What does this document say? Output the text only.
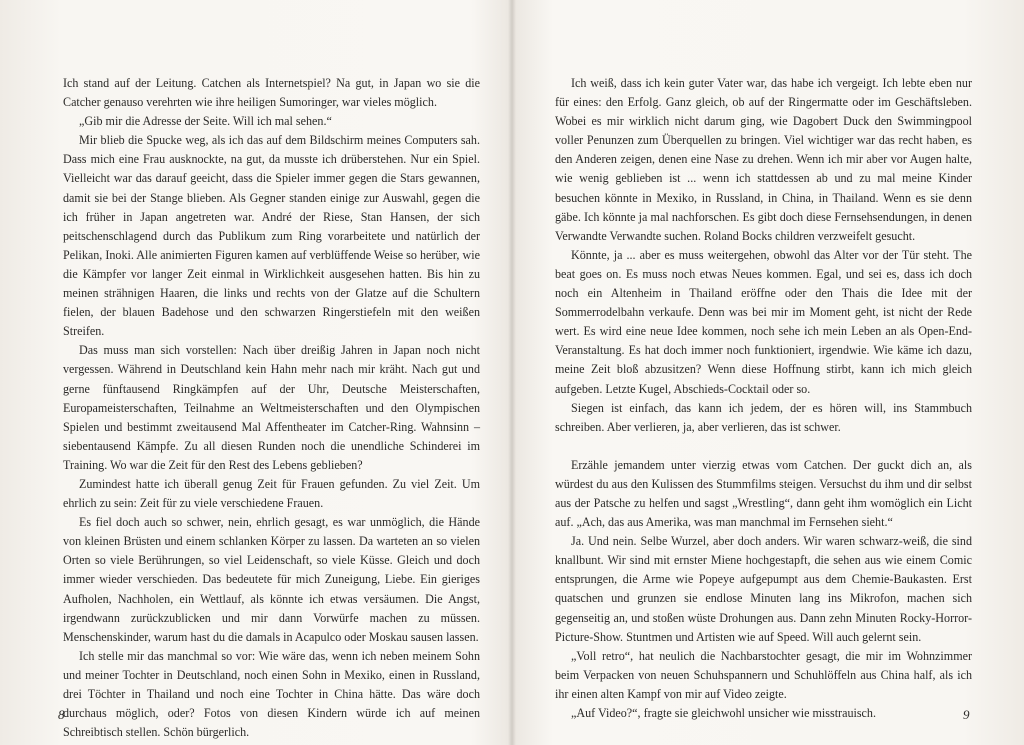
Ich stand auf der Leitung. Catchen als Internetspiel? Na gut, in Japan wo sie die Catcher genauso verehrten wie ihre heiligen Sumoringer, war vieles möglich.

„Gib mir die Adresse der Seite. Will ich mal sehen.“

Mir blieb die Spucke weg, als ich das auf dem Bildschirm meines Computers sah. Dass mich eine Frau ausknockte, na gut, da musste ich drüberstehen. Nur ein Spiel. Vielleicht war das darauf geeicht, dass die Spieler immer gegen die Stars gewannen, damit sie bei der Stange blieben. Als Gegner standen einige zur Auswahl, gegen die ich früher in Japan angetreten war. André der Riese, Stan Hansen, der sich peitschenschlagend durch das Publikum zum Ring vorarbeitete und natürlich der Pelikan, Inoki. Alle animierten Figuren kamen auf verblüffende Weise so herüber, wie die Kämpfer vor langer Zeit einmal in Wirklichkeit ausgesehen hatten. Bis hin zu meinen strähnigen Haaren, die links und rechts von der Glatze auf die Schultern fielen, der blauen Badehose und den schwarzen Ringerstiefeln mit den weißen Streifen.

Das muss man sich vorstellen: Nach über dreißig Jahren in Japan noch nicht vergessen. Während in Deutschland kein Hahn mehr nach mir kräht. Nach gut und gerne fünftausend Ringkämpfen auf der Uhr, Deutsche Meisterschaften, Europameisterschaften, Teilnahme an Weltmeisterschaften und den Olympischen Spielen und bestimmt zweitausend Mal Affentheater im Catcher-Ring. Wahnsinn – siebentausend Kämpfe. Zu all diesen Runden noch die unendliche Schinderei im Training. Wo war die Zeit für den Rest des Lebens geblieben?

Zumindest hatte ich überall genug Zeit für Frauen gefunden. Zu viel Zeit. Um ehrlich zu sein: Zeit für zu viele verschiedene Frauen.

Es fiel doch auch so schwer, nein, ehrlich gesagt, es war unmöglich, die Hände von kleinen Brüsten und einem schlanken Körper zu lassen. Da warteten an so vielen Orten so viele Berührungen, so viel Leidenschaft, so viele Küsse. Gleich und doch immer wieder verschieden. Das bedeutete für mich Zuneigung, Liebe. Ein gieriges Aufholen, Nachholen, ein Wettlauf, als könnte ich etwas versäumen. Die Angst, irgendwann zurückzublicken und mir dann Vorwürfe machen zu müssen. Menschenskinder, warum hast du die damals in Acapulco oder Moskau sausen lassen.

Ich stelle mir das manchmal so vor: Wie wäre das, wenn ich neben meinem Sohn und meiner Tochter in Deutschland, noch einen Sohn in Mexiko, einen in Russland, drei Töchter in Thailand und noch eine Tochter in China hätte. Das wäre doch durchaus möglich, oder? Fotos von diesen Kindern würde ich auf meinen Schreibtisch stellen. Schön bürgerlich.

Ich weiß, dass ich kein guter Vater war, das habe ich vergeigt. Ich lebte eben nur für eines: den Erfolg. Ganz gleich, ob auf der Ringermatte oder im Geschäftsleben. Wobei es mir wirklich nicht darum ging, wie Dagobert Duck den Swimmingpool voller Penunzen zum Überquellen zu bringen. Viel wichtiger war das recht haben, es den Anderen zeigen, denen eine Nase zu drehen. Wenn ich mir aber vor Augen halte, wie wenig geblieben ist ... wenn ich stattdessen ab und zu mal meine Kinder besuchen könnte in Mexiko, in Russland, in China, in Thailand. Wenn es sie denn gäbe. Ich könnte ja mal nachforschen. Es gibt doch diese Fernsehsendungen, in denen Verwandte Verwandte suchen. Roland Bocks children verzweifelt gesucht.

Könnte, ja ... aber es muss weitergehen, obwohl das Alter vor der Tür steht. The beat goes on. Es muss noch etwas Neues kommen. Egal, und sei es, dass ich doch noch ein Altenheim in Thailand eröffne oder den Thais die Idee mit der Sommerrodelbahn verkaufe. Denn was bei mir im Moment geht, ist nicht der Rede wert. Es wird eine neue Idee kommen, noch sehe ich mein Leben an als Open-End-Veranstaltung. Es hat doch immer noch funktioniert, irgendwie. Wie käme ich dazu, meine Zeit bloß abzusitzen? Wenn diese Hoffnung stirbt, kann ich mich gleich aufgeben. Letzte Kugel, Abschieds-Cocktail oder so.

Siegen ist einfach, das kann ich jedem, der es hören will, ins Stammbuch schreiben. Aber verlieren, ja, aber verlieren, das ist schwer.

Erzähle jemandem unter vierzig etwas vom Catchen. Der guckt dich an, als würdest du aus den Kulissen des Stummfilms steigen. Versuchst du ihm und dir selbst aus der Patsche zu helfen und sagst „Wrestling“, dann geht ihm womöglich ein Licht auf. „Ach, das aus Amerika, was man manchmal im Fernsehen sieht.“

Ja. Und nein. Selbe Wurzel, aber doch anders. Wir waren schwarz-weiß, die sind knallbunt. Wir sind mit ernster Miene hochgestapft, die sehen aus wie einem Comic entsprungen, die Arme wie Popeye aufgepumpt aus dem Chemie-Baukasten. Erst quatschen und grunzen sie endlose Minuten lang ins Mikrofon, machen sich gegenseitig an, und stoßen wüste Drohungen aus. Dann zehn Minuten Rocky-Horror-Picture-Show. Stuntmen und Artisten wie auf Speed. Will auch gelernt sein.

„Voll retro“, hat neulich die Nachbarstochter gesagt, die mir im Wohnzimmer beim Verpacken von neuen Schuhspannern und Schuhlöffeln aus China half, als ich ihr einen alten Kampf von mir auf Video zeigte.

„Auf Video?“, fragte sie gleichwohl unsicher wie misstrauisch.

8	9
